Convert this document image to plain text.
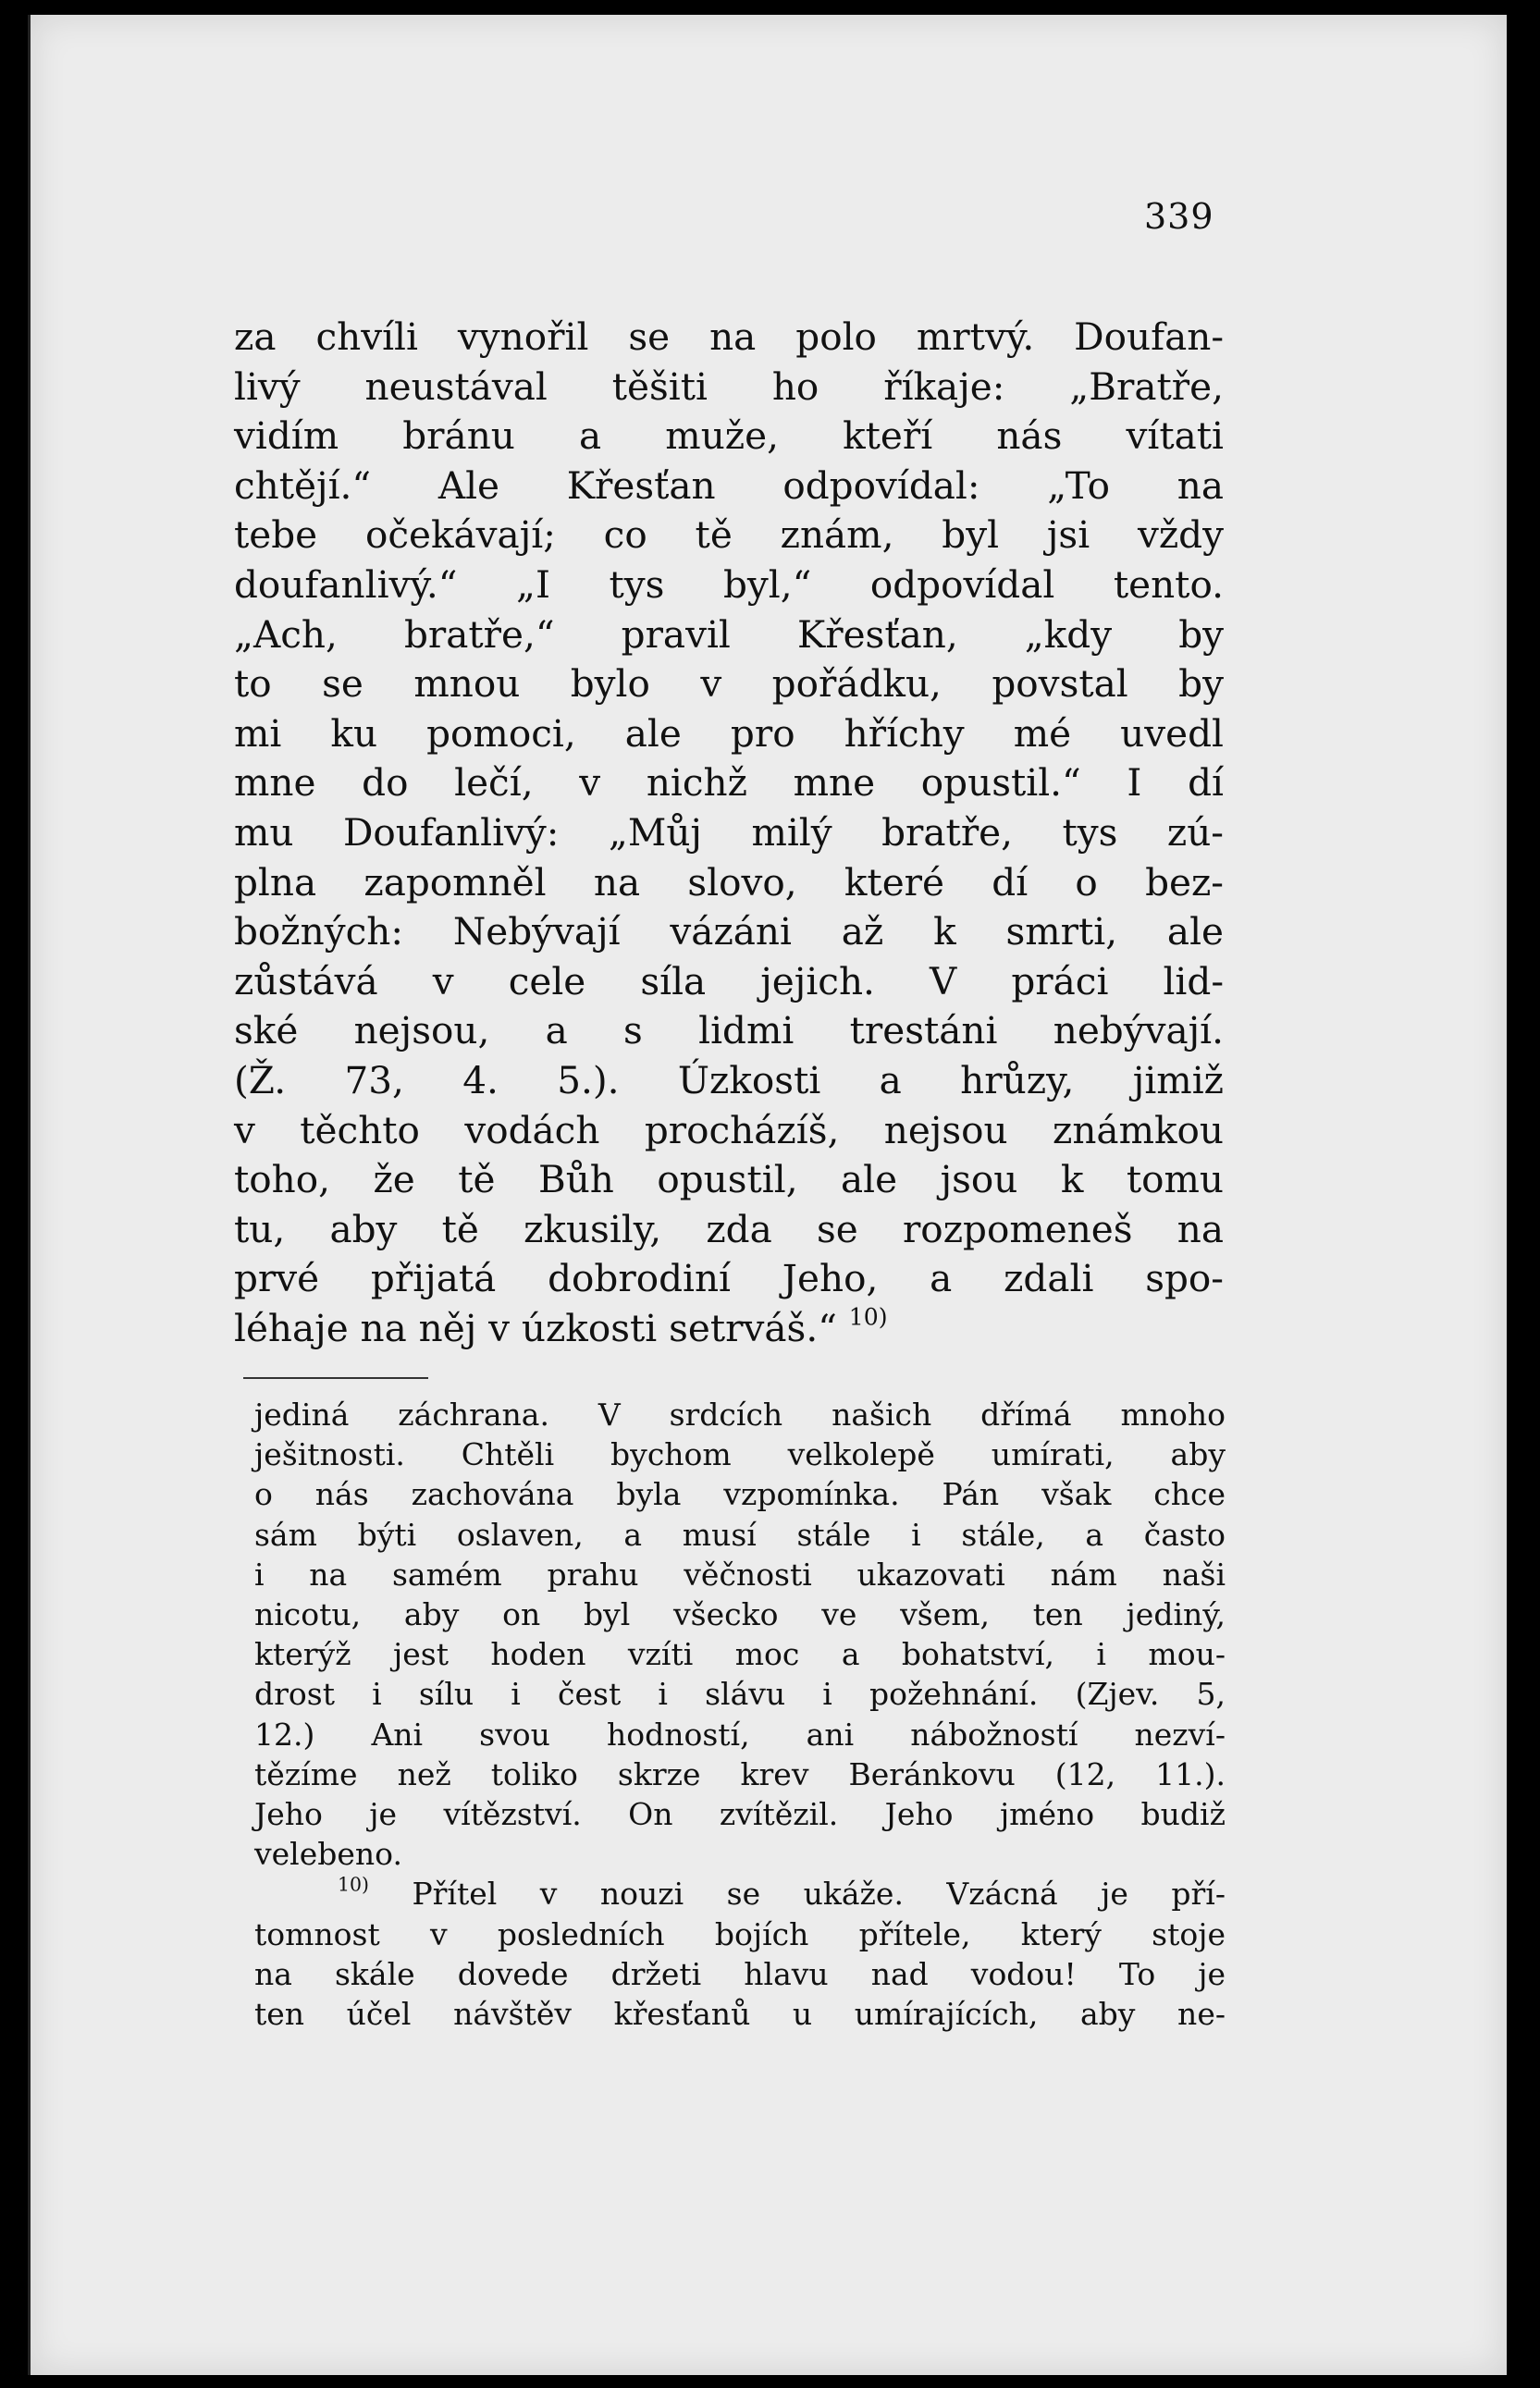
339
za chvíli vynořil se na polo mrtvý. Doufan-
livý neustával těšiti ho říkaje: „Bratře,
vidím bránu a muže, kteří nás vítati
chtějí.“ Ale Křesťan odpovídal: „To na
tebe očekávají; co tě znám, byl jsi vždy
doufanlivý.“ „I tys byl,“ odpovídal tento.
„Ach, bratře,“ pravil Křesťan, „kdy by
to se mnou bylo v pořádku, povstal by
mi ku pomoci, ale pro hříchy mé uvedl
mne do lečí, v nichž mne opustil.“ I dí
mu Doufanlivý: „Můj milý bratře, tys zú-
plna zapomněl na slovo, které dí o bez-
božných: Nebývají vázáni až k smrti, ale
zůstává v cele síla jejich. V práci lid-
ské nejsou, a s lidmi trestáni nebývají.
(Ž. 73, 4. 5.). Úzkosti a hrůzy, jimiž
v těchto vodách procházíš, nejsou známkou
toho, že tě Bůh opustil, ale jsou k tomu
tu, aby tě zkusily, zda se rozpomeneš na
prvé přijatá dobrodiní Jeho, a zdali spo-
léhaje na něj v úzkosti setrváš.“ $^{10)}$
jediná záchrana. V srdcích našich dřímá mnoho
ješitnosti. Chtěli bychom velkolepě umírati, aby
o nás zachována byla vzpomínka. Pán však chce
sám býti oslaven, a musí stále i stále, a často
i na samém prahu věčnosti ukazovati nám naši
nicotu, aby on byl všecko ve všem, ten jediný,
kterýž jest hoden vzíti moc a bohatství, i mou-
drost i sílu i čest i slávu i požehnání. (Zjev. 5,
12.) Ani svou hodností, ani nábožností nezví-
tězíme než toliko skrze krev Beránkovu (12, 11.).
Jeho je vítězství. On zvítězil. Jeho jméno budiž
velebeno.
$^{10)}$ Přítel v nouzi se ukáže. Vzácná je pří-
tomnost v posledních bojích přítele, který stoje
na skále dovede držeti hlavu nad vodou! To je
ten účel návštěv křesťanů u umírajících, aby ne-
